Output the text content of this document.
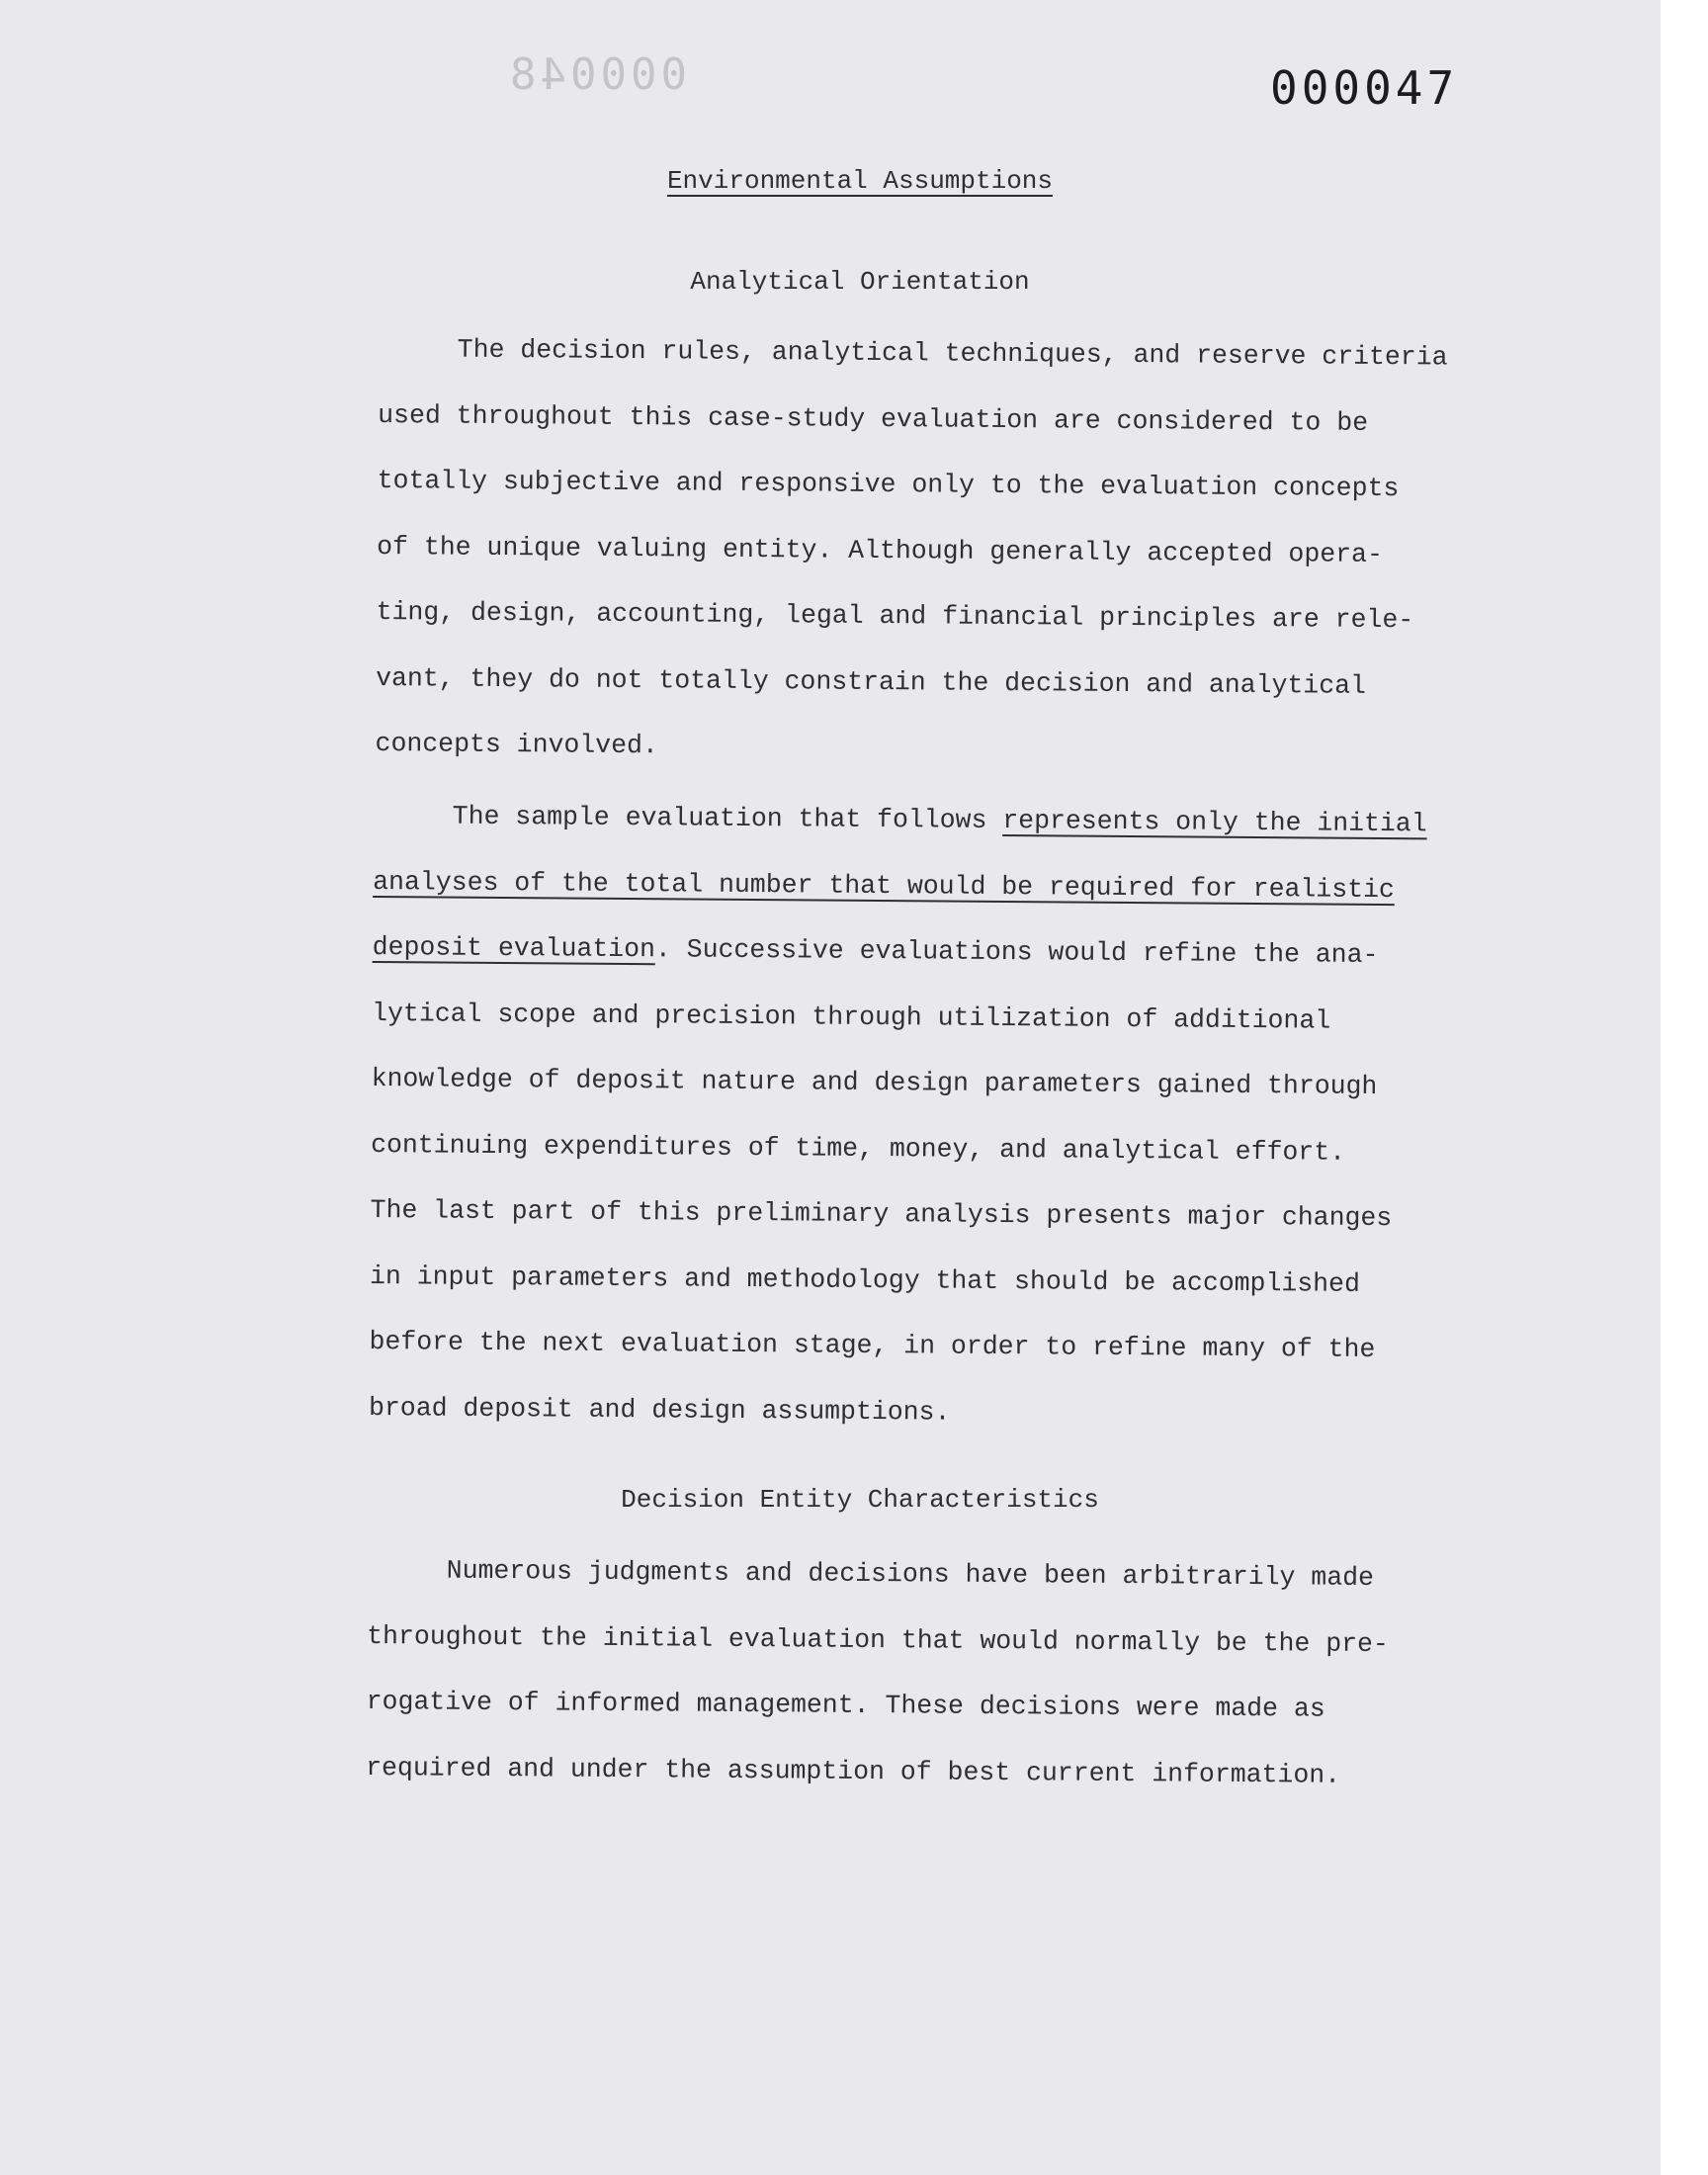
000048	000047
Environmental Assumptions
Analytical Orientation
The decision rules, analytical techniques, and reserve criteria
used throughout this case-study evaluation are considered to be
totally subjective and responsive only to the evaluation concepts
of the unique valuing entity. Although generally accepted opera-
ting, design, accounting, legal and financial principles are rele-
vant, they do not totally constrain the decision and analytical
concepts involved.
The sample evaluation that follows represents only the initial
analyses of the total number that would be required for realistic
deposit evaluation. Successive evaluations would refine the ana-
lytical scope and precision through utilization of additional
knowledge of deposit nature and design parameters gained through
continuing expenditures of time, money, and analytical effort.
The last part of this preliminary analysis presents major changes
in input parameters and methodology that should be accomplished
before the next evaluation stage, in order to refine many of the
broad deposit and design assumptions.
Decision Entity Characteristics
Numerous judgments and decisions have been arbitrarily made
throughout the initial evaluation that would normally be the pre-
rogative of informed management. These decisions were made as
required and under the assumption of best current information.
